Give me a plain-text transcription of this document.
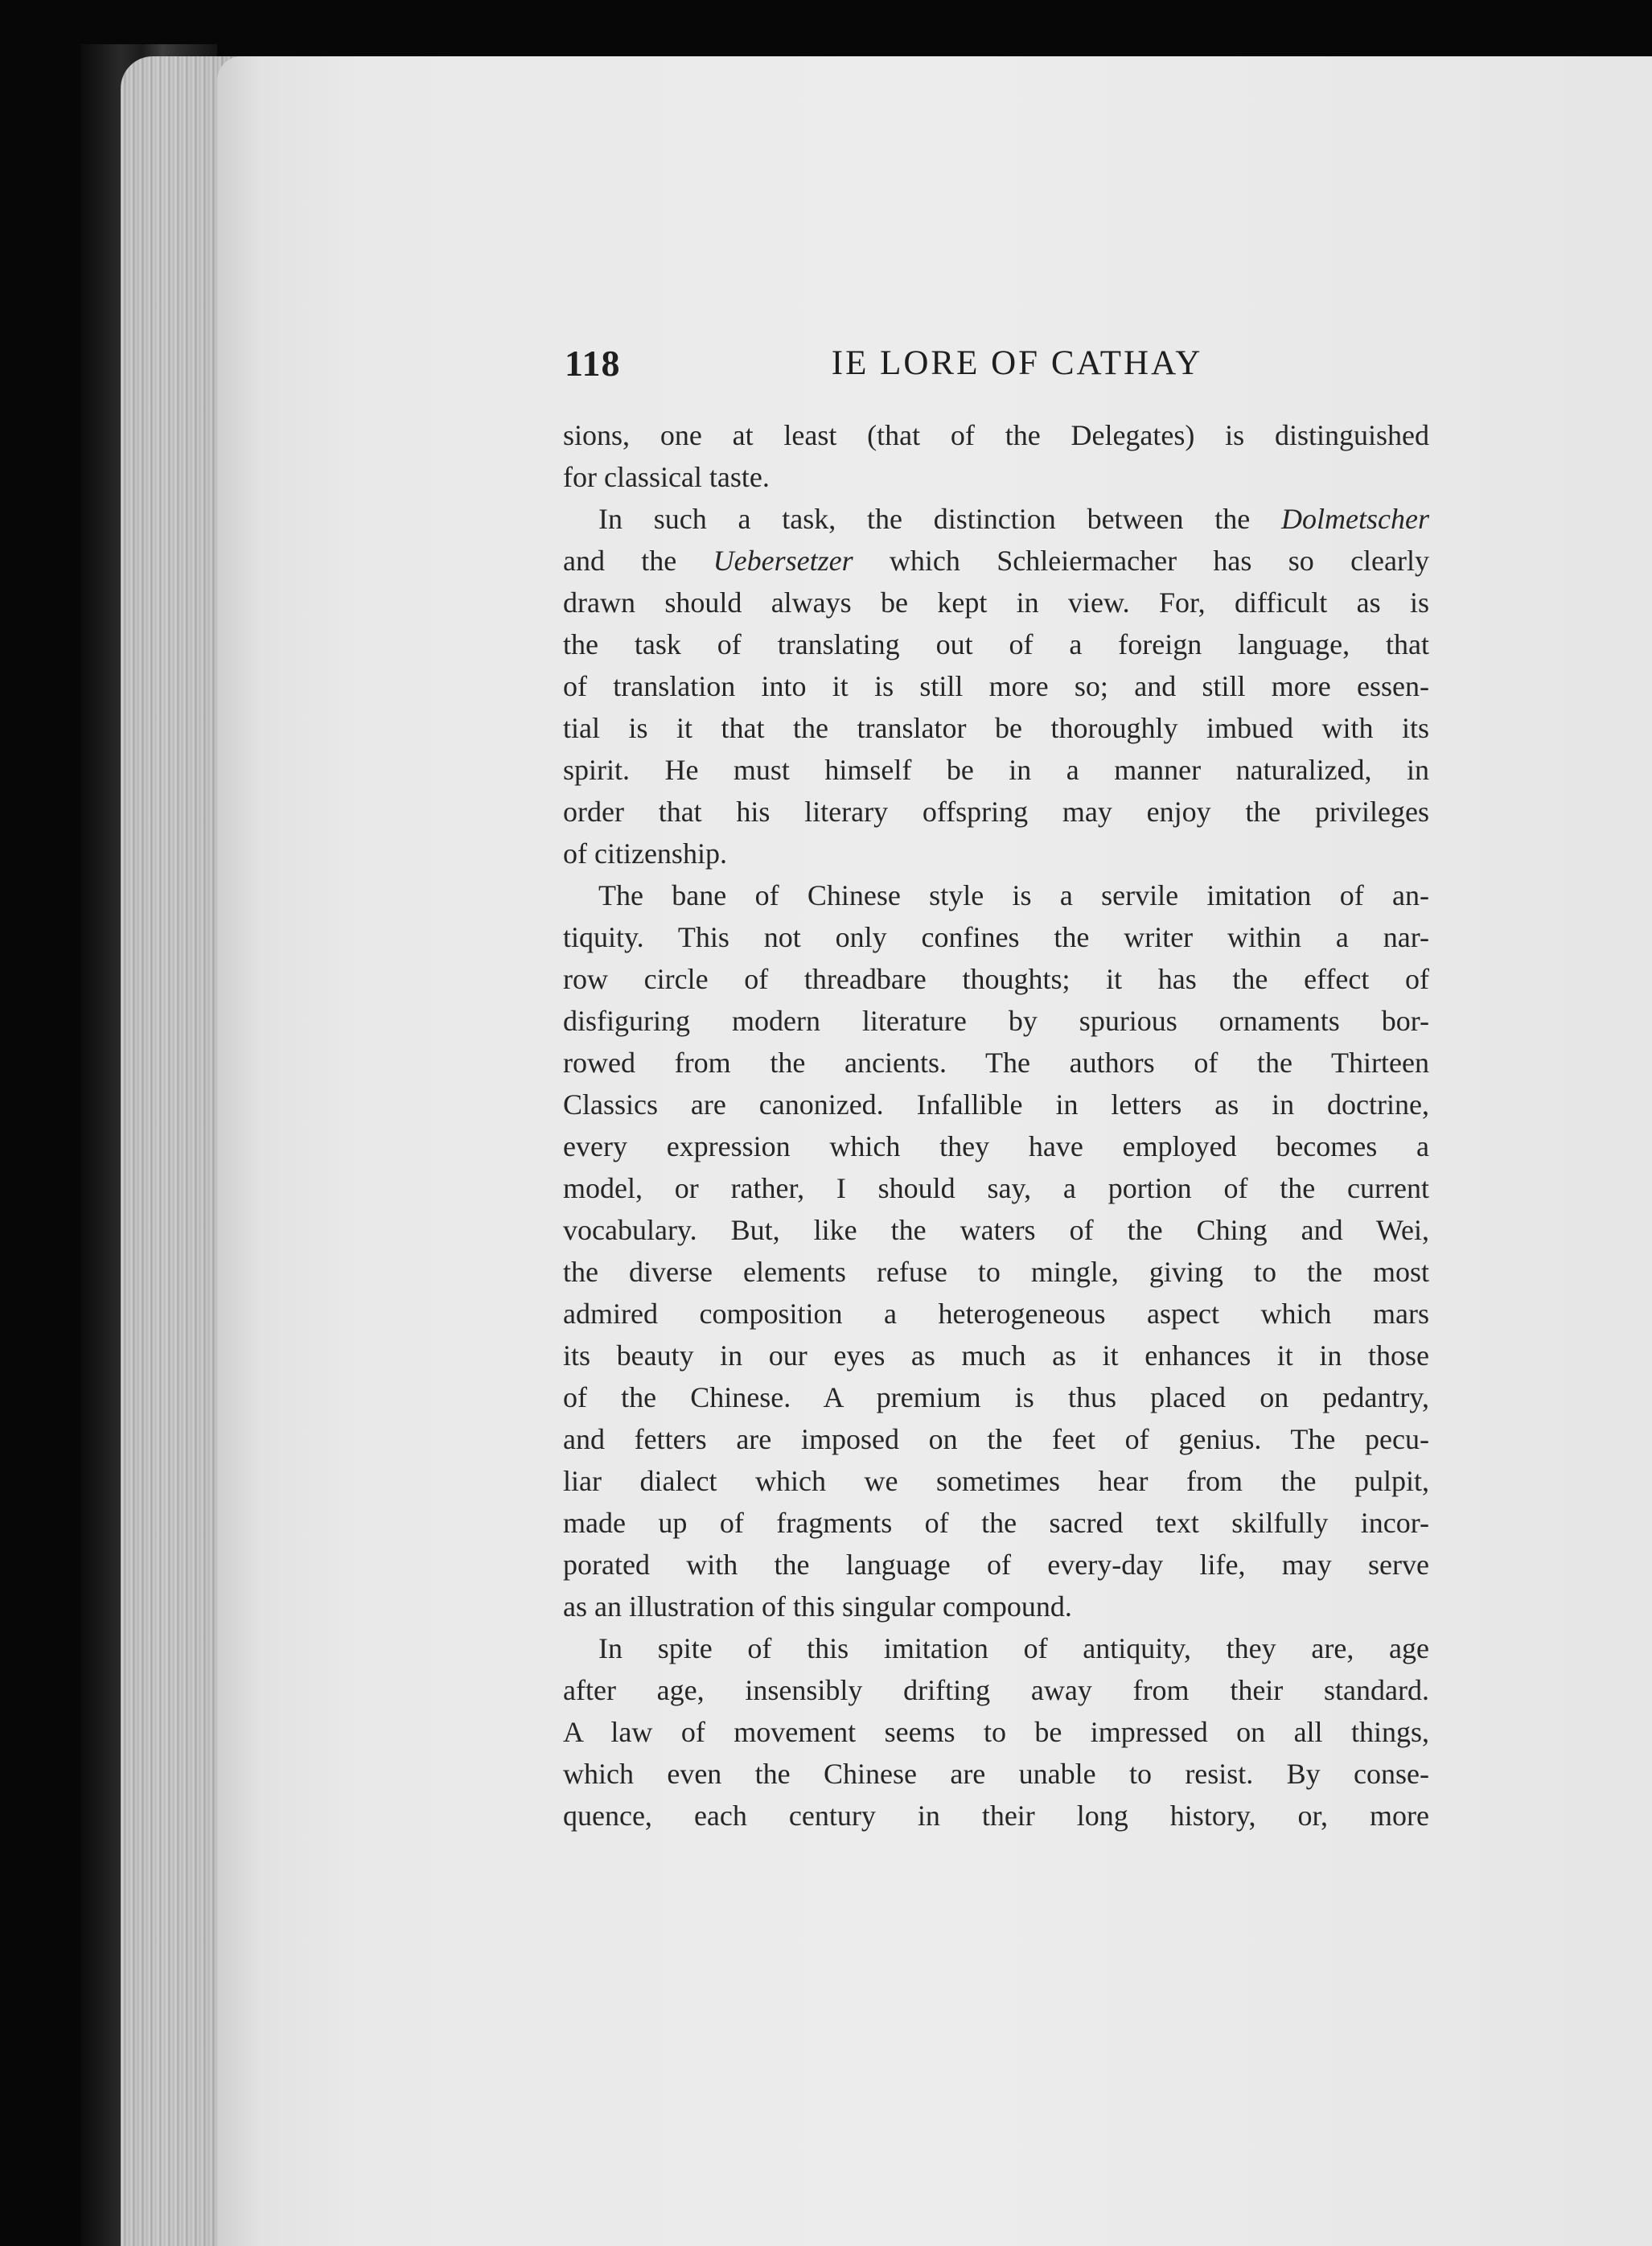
118	IE LORE OF CATHAY
sions, one at least (that of the Delegates) is distinguished
for classical taste.
In such a task, the distinction between the Dolmetscher
and the Uebersetzer which Schleiermacher has so clearly
drawn should always be kept in view. For, difficult as is
the task of translating out of a foreign language, that
of translation into it is still more so; and still more essen-
tial is it that the translator be thoroughly imbued with its
spirit. He must himself be in a manner naturalized, in
order that his literary offspring may enjoy the privileges
of citizenship.
The bane of Chinese style is a servile imitation of an-
tiquity. This not only confines the writer within a nar-
row circle of threadbare thoughts; it has the effect of
disfiguring modern literature by spurious ornaments bor-
rowed from the ancients. The authors of the Thirteen
Classics are canonized. Infallible in letters as in doctrine,
every expression which they have employed becomes a
model, or rather, I should say, a portion of the current
vocabulary. But, like the waters of the Ching and Wei,
the diverse elements refuse to mingle, giving to the most
admired composition a heterogeneous aspect which mars
its beauty in our eyes as much as it enhances it in those
of the Chinese. A premium is thus placed on pedantry,
and fetters are imposed on the feet of genius. The pecu-
liar dialect which we sometimes hear from the pulpit,
made up of fragments of the sacred text skilfully incor-
porated with the language of every-day life, may serve
as an illustration of this singular compound.
In spite of this imitation of antiquity, they are, age
after age, insensibly drifting away from their standard.
A law of movement seems to be impressed on all things,
which even the Chinese are unable to resist. By conse-
quence, each century in their long history, or, more
